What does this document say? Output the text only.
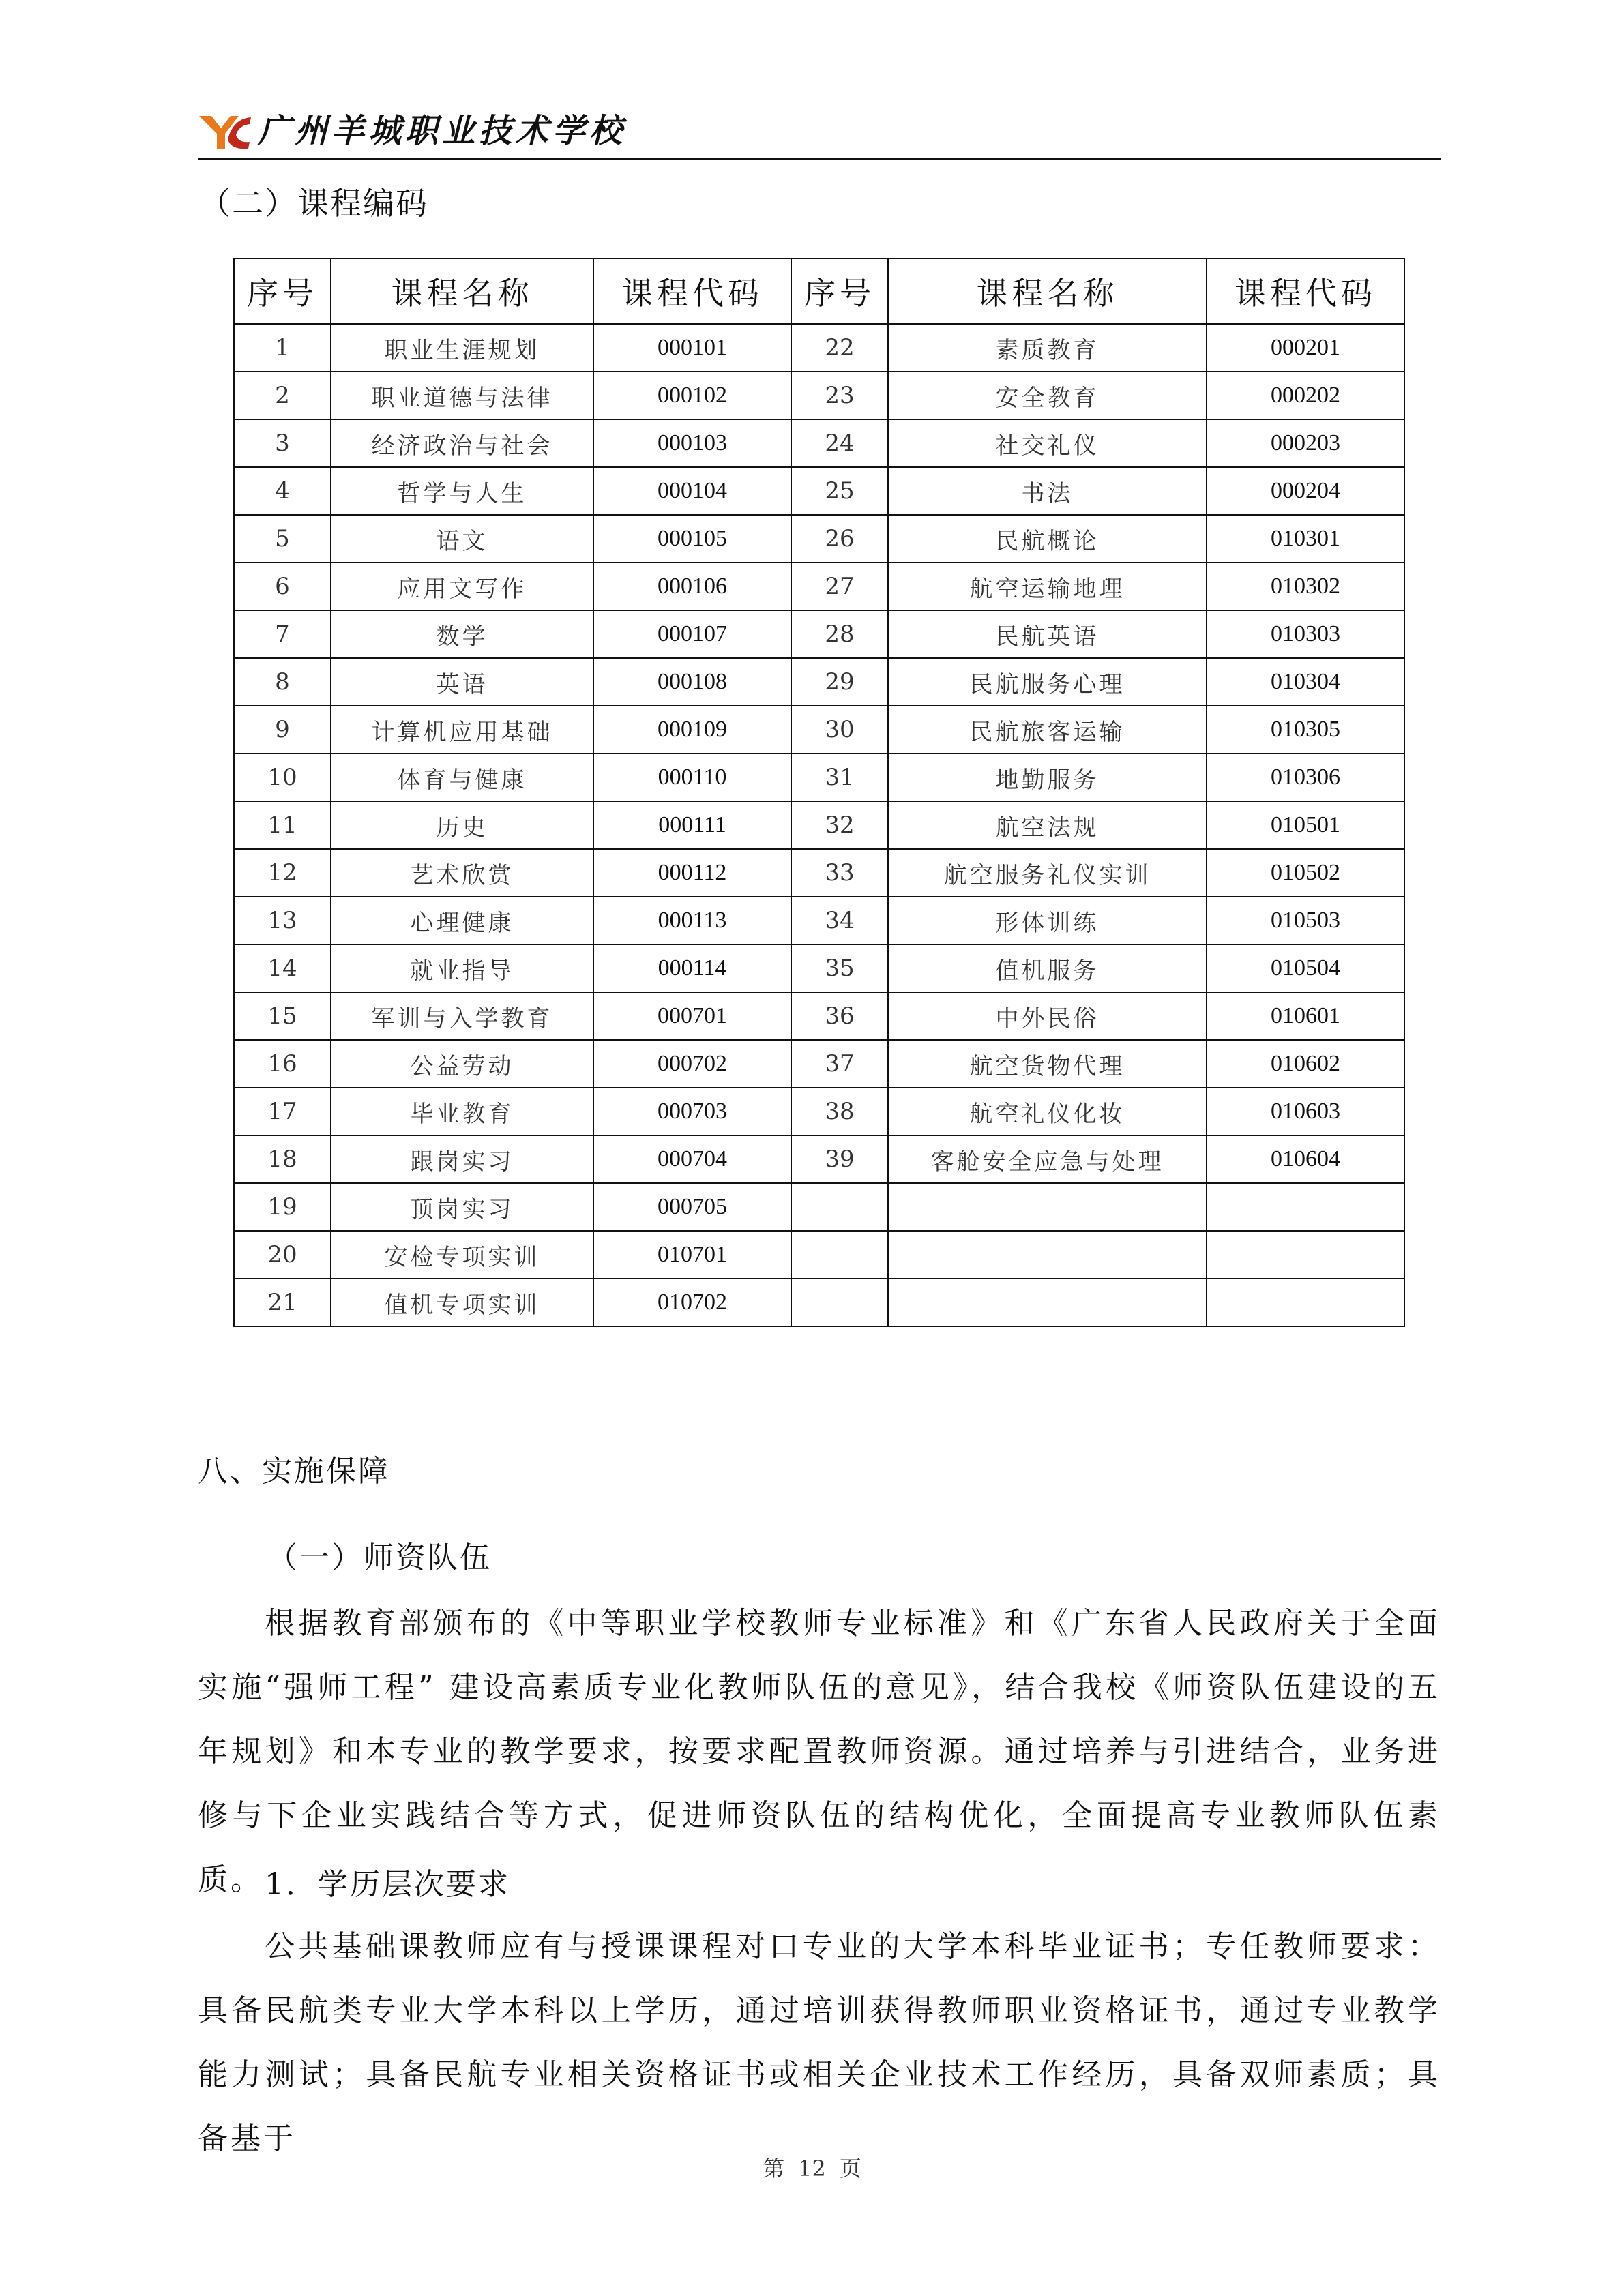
广州羊城职业技术学校
（二）课程编码
序号	课程名称	课程代码	序号	课程名称	课程代码
1	职业生涯规划	000101	22	素质教育	000201
2	职业道德与法律	000102	23	安全教育	000202
3	经济政治与社会	000103	24	社交礼仪	000203
4	哲学与人生	000104	25	书法	000204
5	语文	000105	26	民航概论	010301
6	应用文写作	000106	27	航空运输地理	010302
7	数学	000107	28	民航英语	010303
8	英语	000108	29	民航服务心理	010304
9	计算机应用基础	000109	30	民航旅客运输	010305
10	体育与健康	000110	31	地勤服务	010306
11	历史	000111	32	航空法规	010501
12	艺术欣赏	000112	33	航空服务礼仪实训	010502
13	心理健康	000113	34	形体训练	010503
14	就业指导	000114	35	值机服务	010504
15	军训与入学教育	000701	36	中外民俗	010601
16	公益劳动	000702	37	航空货物代理	010602
17	毕业教育	000703	38	航空礼仪化妆	010603
18	跟岗实习	000704	39	客舱安全应急与处理	010604
19	顶岗实习	000705			
20	安检专项实训	010701			
21	值机专项实训	010702			
八、实施保障
（一）师资队伍

根据教育部颁布的《中等职业学校教师专业标准》和《广东省人民政府关于全面实施“强师工程” 建设高素质专业化教师队伍的意见》，结合我校《师资队伍建设的五年规划》和本专业的教学要求，按要求配置教师资源。通过培养与引进结合，业务进修与下企业实践结合等方式，促进师资队伍的结构优化，全面提高专业教师队伍素质。 1．学历层次要求

公共基础课教师应有与授课课程对口专业的大学本科毕业证书；专任教师要求：具备民航类专业大学本科以上学历，通过培训获得教师职业资格证书，通过专业教学能力测试；具备民航专业相关资格证书或相关企业技术工作经历，具备双师素质；具备基于

第 12 页
